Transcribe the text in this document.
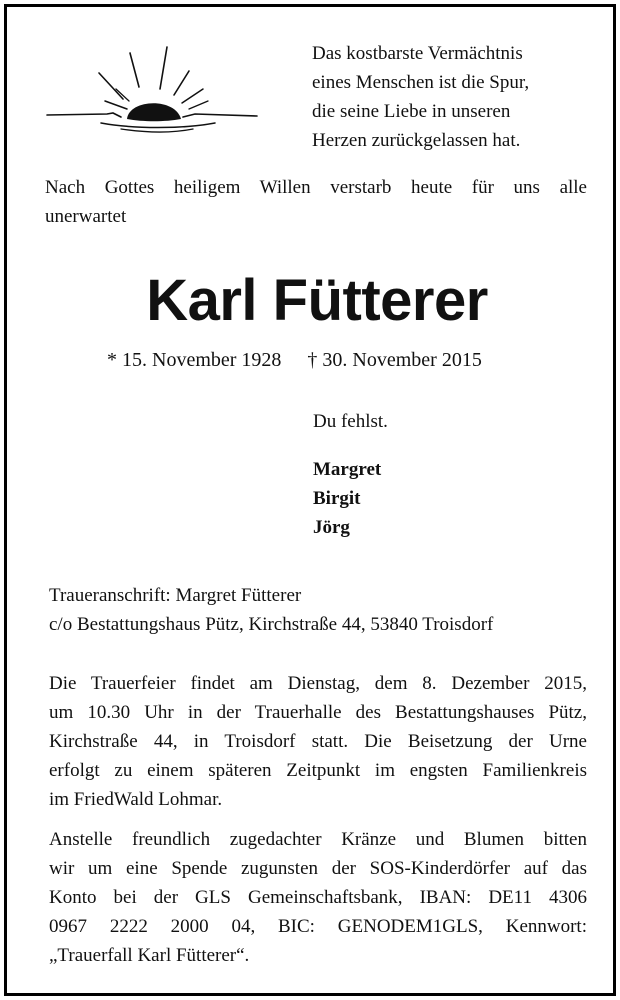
Das kostbarste Vermächtnis
eines Menschen ist die Spur,
die seine Liebe in unseren
Herzen zurückgelassen hat.
Nach Gottes heiligem Willen verstarb heute für uns alle
unerwartet
Karl Fütterer
* 15. November 1928 † 30. November 2015
Du fehlst.
Margret
Birgit
Jörg
Traueranschrift: Margret Fütterer
c/o Bestattungshaus Pütz, Kirchstraße 44, 53840 Troisdorf
Die Trauerfeier findet am Dienstag, dem 8. Dezember 2015,
um 10.30 Uhr in der Trauerhalle des Bestattungshauses Pütz,
Kirchstraße 44, in Troisdorf statt. Die Beisetzung der Urne
erfolgt zu einem späteren Zeitpunkt im engsten Familienkreis
im FriedWald Lohmar.
Anstelle freundlich zugedachter Kränze und Blumen bitten
wir um eine Spende zugunsten der SOS-Kinderdörfer auf das
Konto bei der GLS Gemeinschaftsbank, IBAN: DE11 4306
0967 2222 2000 04, BIC: GENODEM1GLS, Kennwort:
„Trauerfall Karl Fütterer“.
